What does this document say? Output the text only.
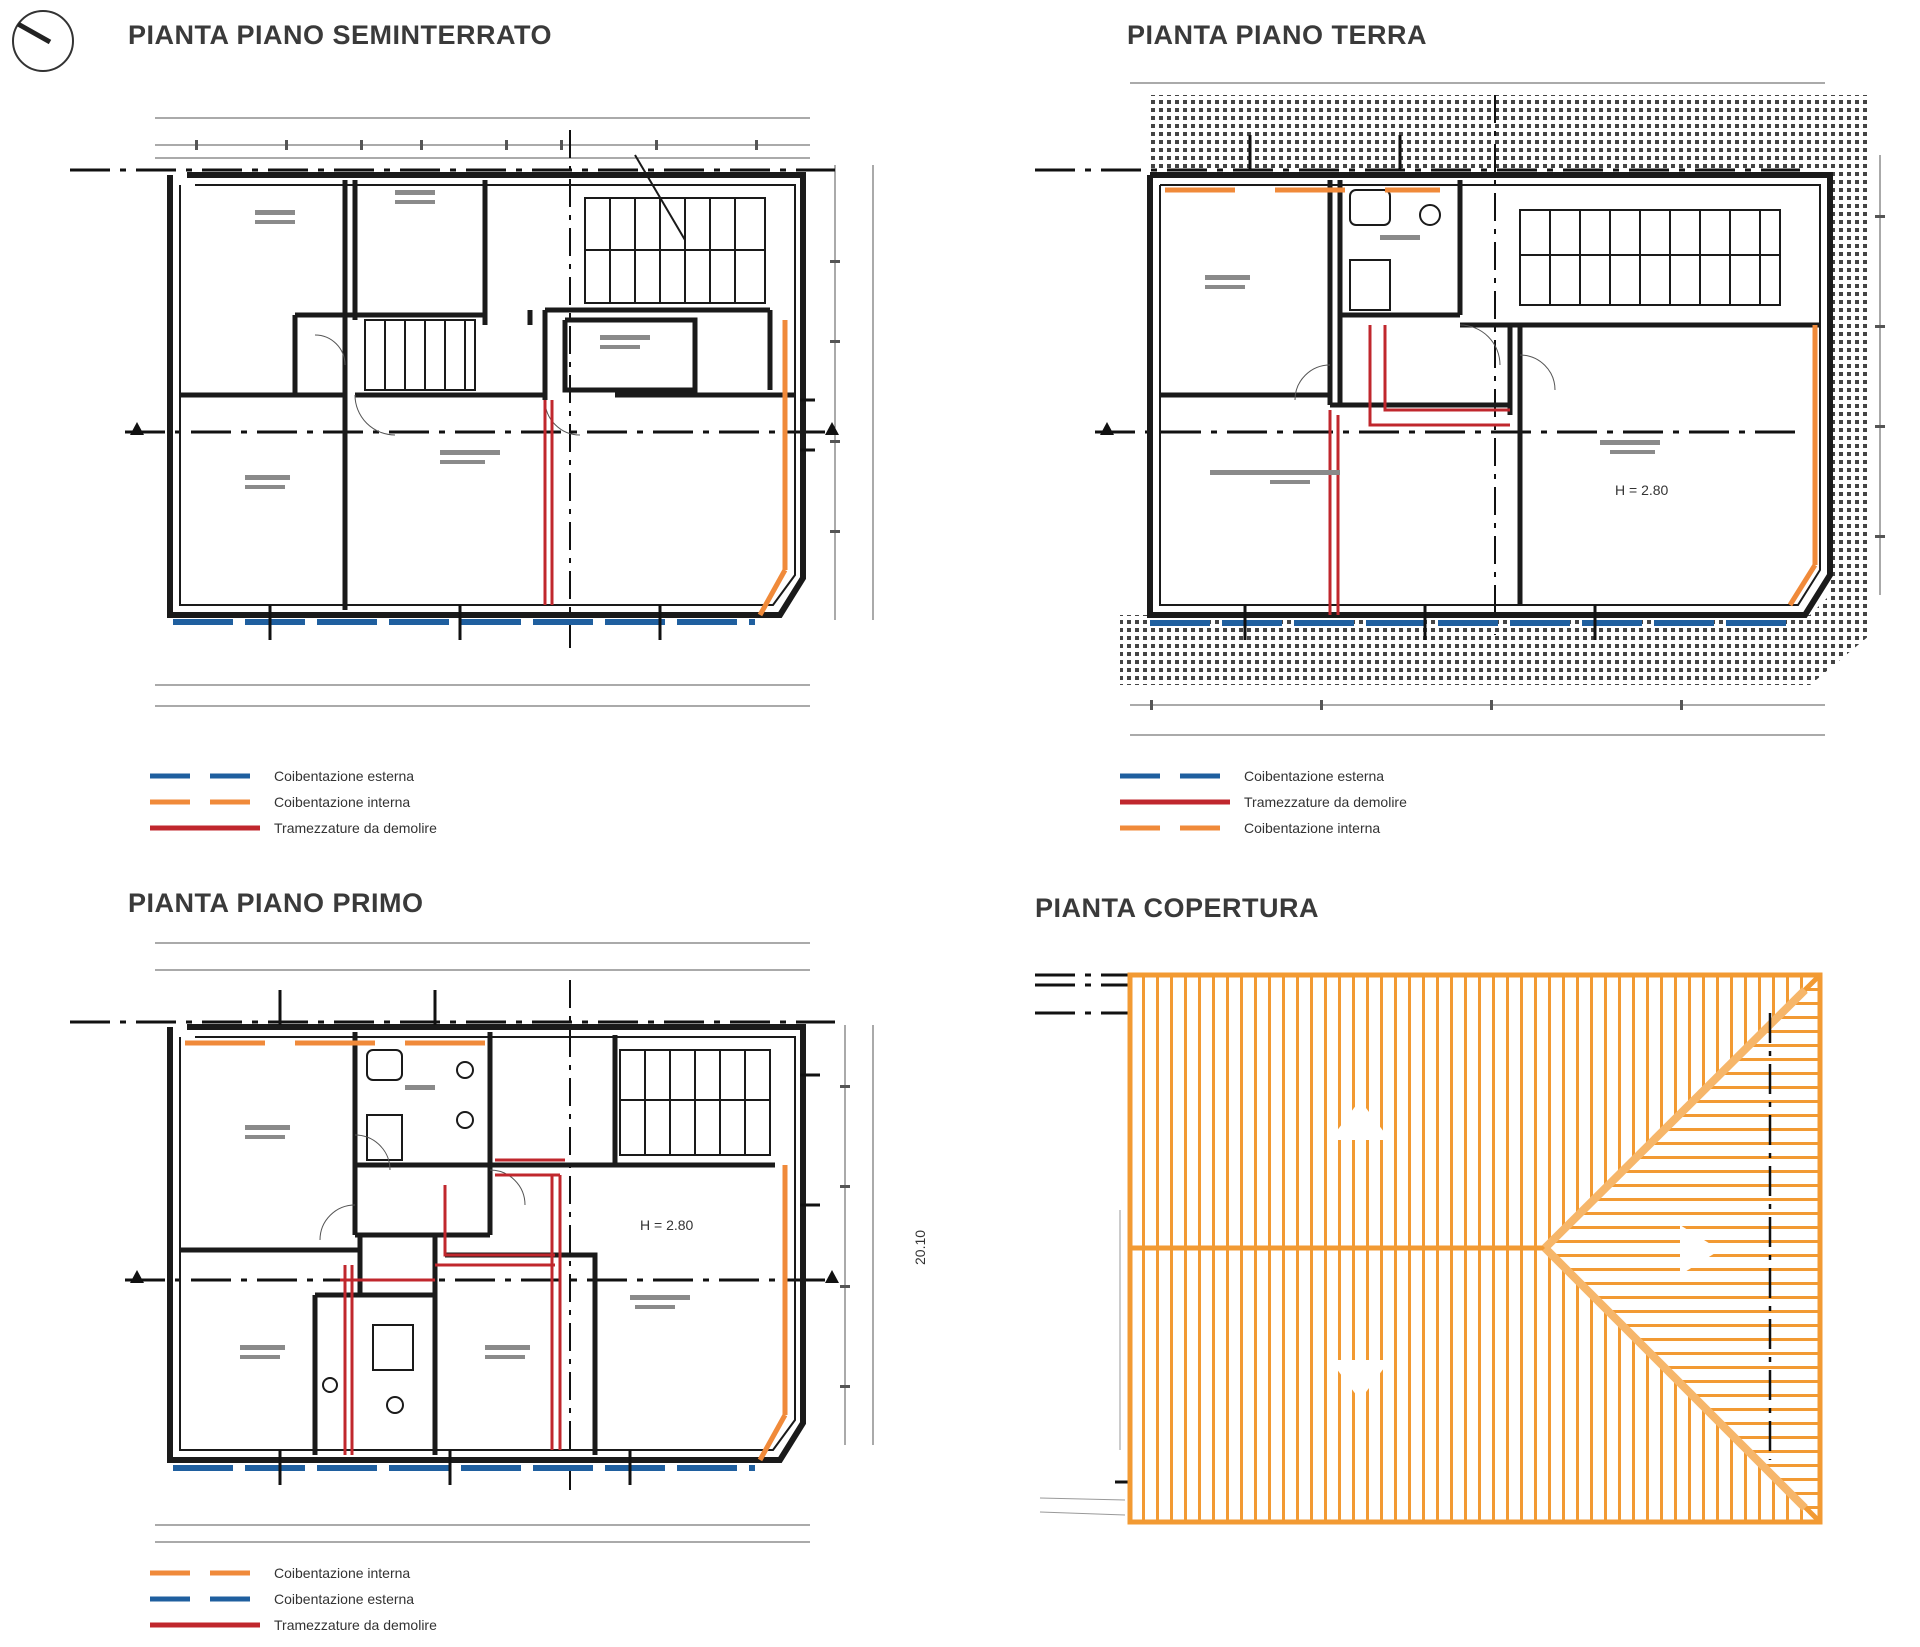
PIANTA PIANO SEMINTERRATO	PIANTA PIANO TERRA
PIANTA PIANO PRIMO	PIANTA COPERTURA
Coibentazione esterna
Coibentazione interna
Tramezzature da demolire
H = 2.80
Coibentazione esterna
Tramezzature da demolire
Coibentazione interna
20.10
H = 2.80
Coibentazione interna
Coibentazione esterna
Tramezzature da demolire
